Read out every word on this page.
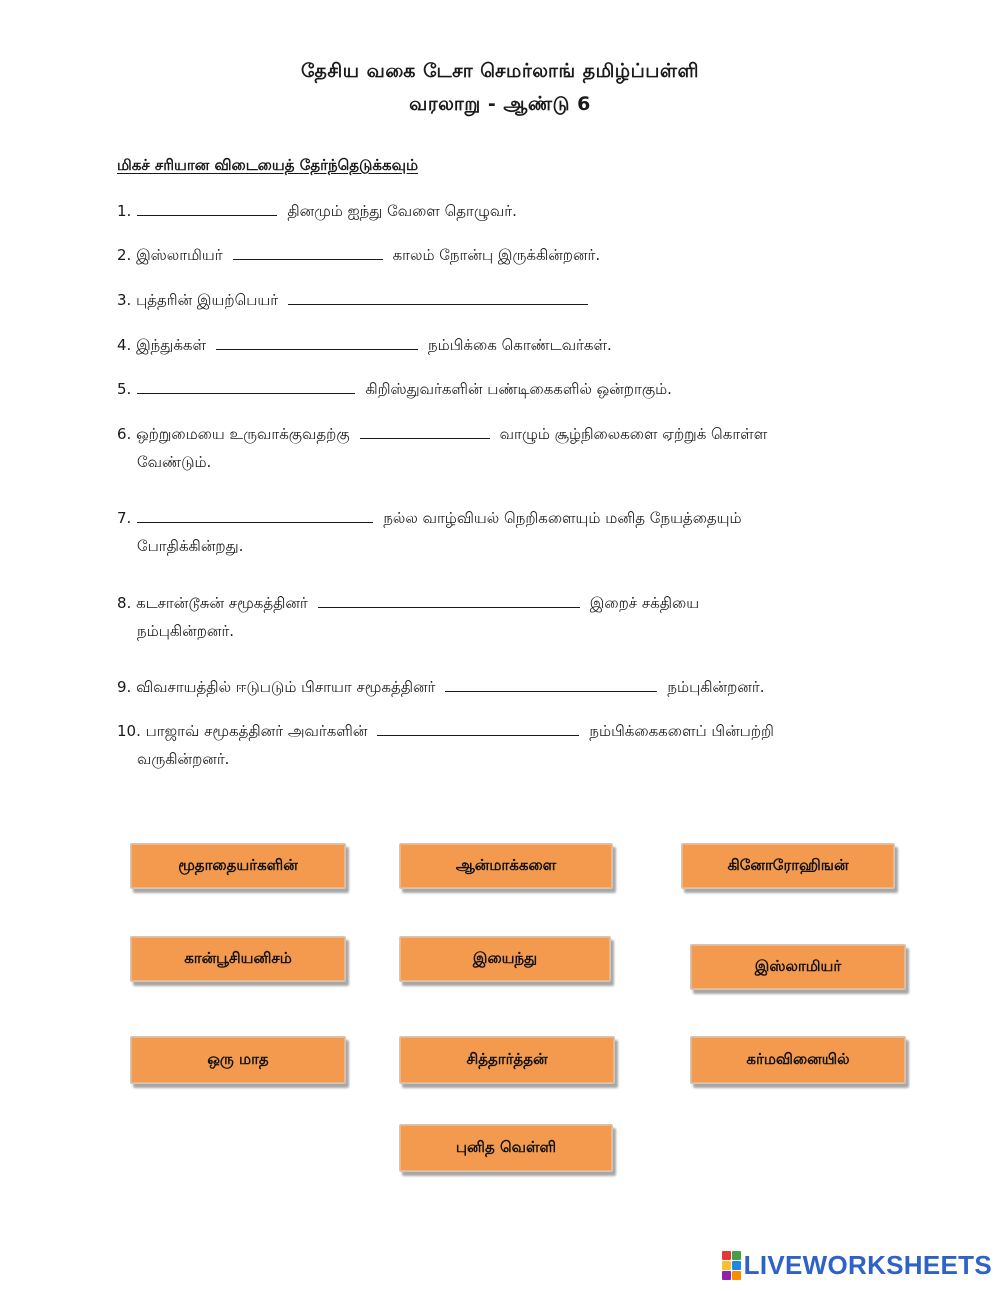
தேசிய வகை டேசா செமர்லாங் தமிழ்ப்பள்ளி
வரலாறு - ஆண்டு 6
மிகச் சரியான விடையைத் தேர்ந்தெடுக்கவும்
1.	தினமும் ஐந்து வேளை தொழுவர்.
2. இஸ்லாமியர்	காலம் நோன்பு இருக்கின்றனர்.
3. புத்தரின் இயற்பெயர்
4. இந்துக்கள்	நம்பிக்கை கொண்டவர்கள்.
5.	கிறிஸ்துவர்களின் பண்டிகைகளில் ஒன்றாகும்.
6. ஒற்றுமையை உருவாக்குவதற்கு	வாழும் சூழ்நிலைகளை ஏற்றுக் கொள்ள
வேண்டும்.
7.	நல்ல வாழ்வியல் நெறிகளையும் மனித நேயத்தையும்
போதிக்கின்றது.
8. கடசான்டூசுன் சமூகத்தினர்	இறைச் சக்தியை
நம்புகின்றனர்.
9. விவசாயத்தில் ஈடுபடும் பிசாயா சமூகத்தினர்	நம்புகின்றனர்.
10. பாஜாவ் சமூகத்தினர் அவர்களின்	நம்பிக்கைகளைப் பின்பற்றி
வருகின்றனர்.
மூதாதையர்களின்	ஆன்மாக்களை	கினோரோஹிஙன்
கான்பூசியனிசம்	இயைந்து	இஸ்லாமியர்
ஒரு மாத	சித்தார்த்தன்	கர்மவினையில்
புனித வெள்ளி
LIVEWORKSHEETS
